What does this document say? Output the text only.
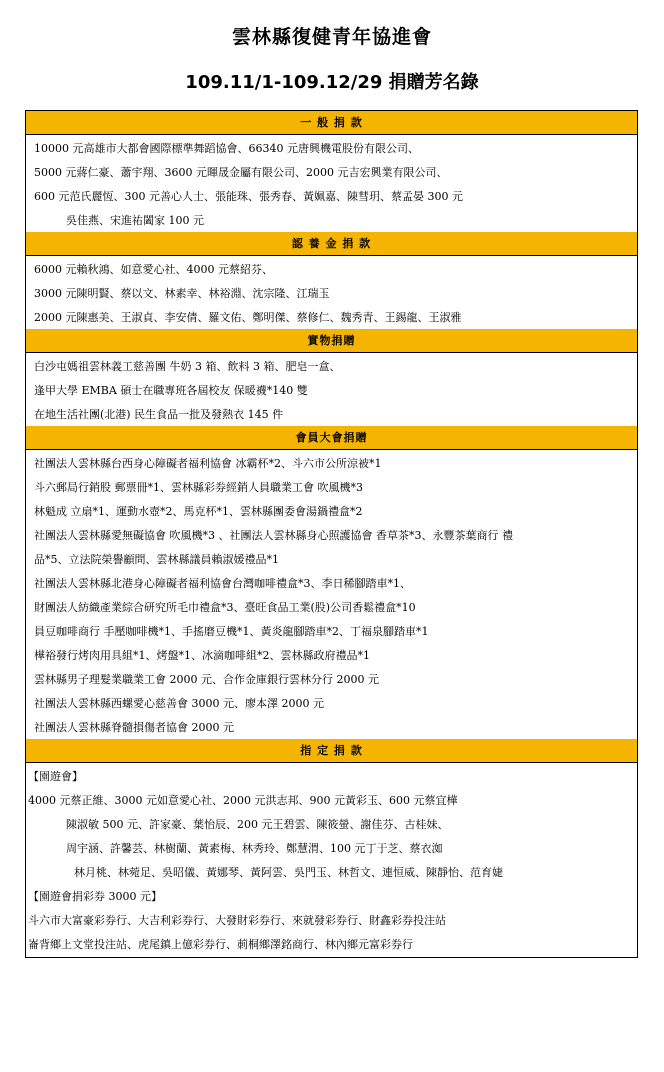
雲林縣復健青年協進會
109.11/1-109.12/29 捐贈芳名錄
一 般 捐 款
10000 元高雄市大都會國際標準舞蹈協會、66340 元唐興機電股份有限公司、
5000 元蔣仁豪、蕭宇翔、3600 元暉晟金屬有限公司、2000 元吉宏興業有限公司、
600 元范氏麗恆、300 元善心人士、張能珠、張秀春、黃姵嘉、陳彗玥、蔡孟晏 300 元
吳佳燕、宋進祐闔家 100 元
認 養 金 捐 款
6000 元賴秋鴻、如意愛心社、4000 元蔡紹芬、
3000 元陳明賢、蔡以文、林素幸、林裕淵、沈宗隆、江瑞玉
2000 元陳惠美、王淑貞、李安倩、羅文佑、鄭明傑、蔡修仁、魏秀青、王錫龍、王淑雅
實物捐贈
白沙屯媽祖雲林義工慈善團 牛奶 3 箱、飲料 3 箱、肥皂一盒、
逢甲大學 EMBA 碩士在職專班各屆校友 保暖襪*140 雙
在地生活社團(北港) 民生食品一批及發熱衣 145 件
會員大會捐贈
社團法人雲林縣台西身心障礙者福利協會 冰霸杯*2、斗六市公所涼被*1
斗六郵局行銷股 郵票冊*1、雲林縣彩券經銷人員職業工會 吹風機*3
林魁成 立扇*1、運動水壺*2、馬克杯*1、雲林縣團委會湯鍋禮盒*2
社團法人雲林縣愛無礙協會 吹風機*3 、社團法人雲林縣身心照護協會 香草茶*3、永豐茶葉商行 禮
品*5、立法院榮譽顧問、雲林縣議員賴淑媛禮品*1
社團法人雲林縣北港身心障礙者福利協會台灣咖啡禮盒*3、李日稀腳踏車*1、
財團法人紡織產業綜合研究所毛巾禮盒*3、臺旺食品工業(股)公司香鬆禮盒*10
員豆咖啡商行 手壓咖啡機*1、手搖磨豆機*1、黃炎龍腳踏車*2、丁福泉腳踏車*1
樺裕發行烤肉用具組*1、烤盤*1、冰滴咖啡組*2、雲林縣政府禮品*1
雲林縣男子理髮業職業工會 2000 元、合作金庫銀行雲林分行 2000 元
社團法人雲林縣西螺愛心慈善會 3000 元、廖本澤 2000 元
社團法人雲林縣脊髓損傷者協會 2000 元
指 定 捐 款
【園遊會】
4000 元蔡正維、3000 元如意愛心社、2000 元洪志邦、900 元黃彩玉、600 元蔡宜樺
陳淑敏 500 元、許家豪、葉怡辰、200 元王碧雲、陳筱螢、謝佳芬、古桂妹、
周宇涵、許馨芸、林樹蘭、黃素梅、林秀玲、鄭慧渭、100 元丁于芝、蔡衣洳
林月桃、林菀足、吳昭儀、黃娜琴、黃阿雲、吳門玉、林哲文、連恒威、陳靜怡、范育婕
【園遊會捐彩券 3000 元】
斗六市大富豪彩券行、大吉利彩券行、大發財彩券行、來就發彩券行、財鑫彩券投注站
崙背鄉上文堂投注站、虎尾鎮上億彩券行、莿桐鄉澤銘商行、林內鄉元富彩券行
